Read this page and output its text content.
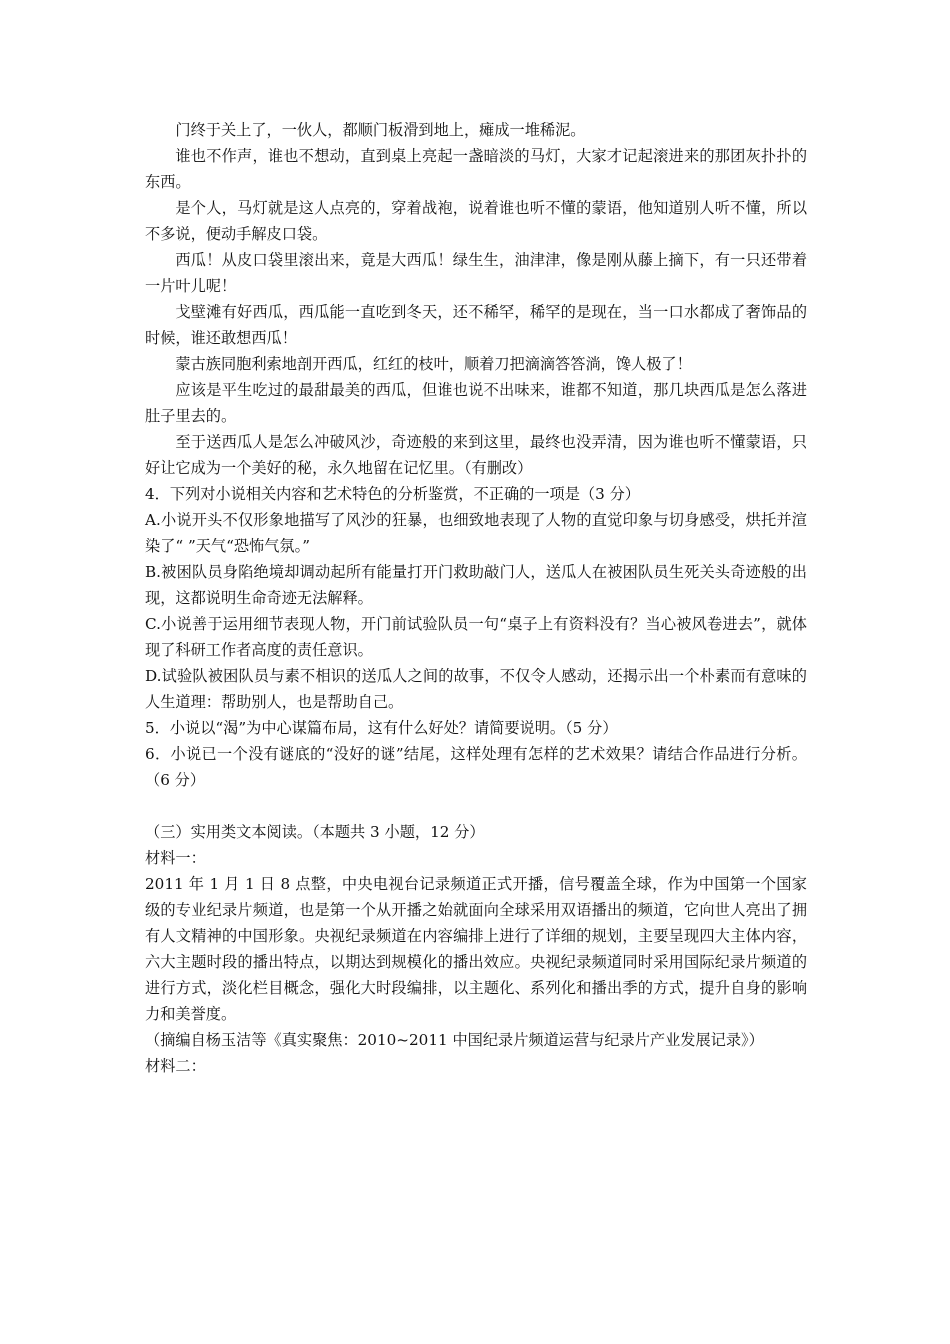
门终于关上了，一伙人，都顺门板滑到地上，瘫成一堆稀泥。

谁也不作声，谁也不想动，直到桌上亮起一盏暗淡的马灯，大家才记起滚进来的那团灰扑扑的东西。

是个人，马灯就是这人点亮的，穿着战袍，说着谁也听不懂的蒙语，他知道别人听不懂，所以不多说，便动手解皮口袋。

西瓜！从皮口袋里滚出来，竟是大西瓜！绿生生，油津津，像是刚从藤上摘下，有一只还带着一片叶儿呢！

戈壁滩有好西瓜，西瓜能一直吃到冬天，还不稀罕，稀罕的是现在，当一口水都成了奢饰品的时候，谁还敢想西瓜！

蒙古族同胞利索地剖开西瓜，红红的枝叶，顺着刀把滴滴答答淌，馋人极了！

应该是平生吃过的最甜最美的西瓜，但谁也说不出味来，谁都不知道，那几块西瓜是怎么落进肚子里去的。

至于送西瓜人是怎么冲破风沙，奇迹般的来到这里，最终也没弄清，因为谁也听不懂蒙语，只好让它成为一个美好的秘，永久地留在记忆里。（有删改）

4．下列对小说相关内容和艺术特色的分析鉴赏，不正确的一项是（3 分）

A.小说开头不仅形象地描写了风沙的狂暴，也细致地表现了人物的直觉印象与切身感受，烘托并渲染了“ ”天气“恐怖气氛。”

B.被困队员身陷绝境却调动起所有能量打开门救助敲门人，送瓜人在被困队员生死关头奇迹般的出现，这都说明生命奇迹无法解释。

C.小说善于运用细节表现人物，开门前试验队员一句“桌子上有资料没有？当心被风卷进去”，就体现了科研工作者高度的责任意识。

D.试验队被困队员与素不相识的送瓜人之间的故事，不仅令人感动，还揭示出一个朴素而有意味的人生道理：帮助别人，也是帮助自己。

5．小说以“渴”为中心谋篇布局，这有什么好处？请简要说明。（5 分）

6．小说已一个没有谜底的“没好的谜”结尾，这样处理有怎样的艺术效果？请结合作品进行分析。（6 分）

（三）实用类文本阅读。（本题共 3 小题，12 分）

材料一：

2011 年 1 月 1 日 8 点整，中央电视台记录频道正式开播，信号覆盖全球，作为中国第一个国家级的专业纪录片频道，也是第一个从开播之始就面向全球采用双语播出的频道，它向世人亮出了拥有人文精神的中国形象。央视纪录频道在内容编排上进行了详细的规划，主要呈现四大主体内容，六大主题时段的播出特点，以期达到规模化的播出效应。央视纪录频道同时采用国际纪录片频道的进行方式，淡化栏目概念，强化大时段编排，以主题化、系列化和播出季的方式，提升自身的影响力和美誉度。

（摘编自杨玉洁等《真实聚焦：2010~2011 中国纪录片频道运营与纪录片产业发展记录》）

材料二：
